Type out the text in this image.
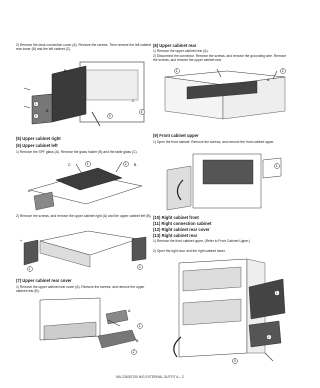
2) Remove the desk connection cover (A). Remove the screws. Then remove the left cabinet rear lower (B) and the left cabinet (C).

1
2	3
4
B
C
A

(5) Upper cabinet right

(6) Upper cabinet left

1) Remove the SPF glass (A). Remove the glass holder (B) and the table glass (C).

1	2
C	B
A

2) Remove the screws, and remove the upper cabinet right (A) and the upper cabinet left (B).

1	2

(7) Upper cabinet rear cover

1) Remove the upper cabinet rear cover (A). Remove the screws, and remove the upper cabinet rear (B).

1
2
A
B

(8) Upper cabinet rear

1) Remove the upper cabinet rear (A).

2) Disconnect the connector. Remove the screws, and remove the grounding wire. Remove the screws, and remove the upper cabinet rear.

1	2
A

(9) Front cabinet upper

1) Open the front cabinet. Remove the screws, and remove the front cabinet upper.

1

(10) Right cabinet front

(11) Right connection cabinet

(12) Right cabinet rear cover

(13) Right cabinet rear

1) Remove the front cabinet upper. (Refer to Front Cabinet Upper.)

2) Open the right door and the right cabinet lower.

1
2
3
MX-2300/2700 N/G EXTERNAL OUTFIT A – 2
